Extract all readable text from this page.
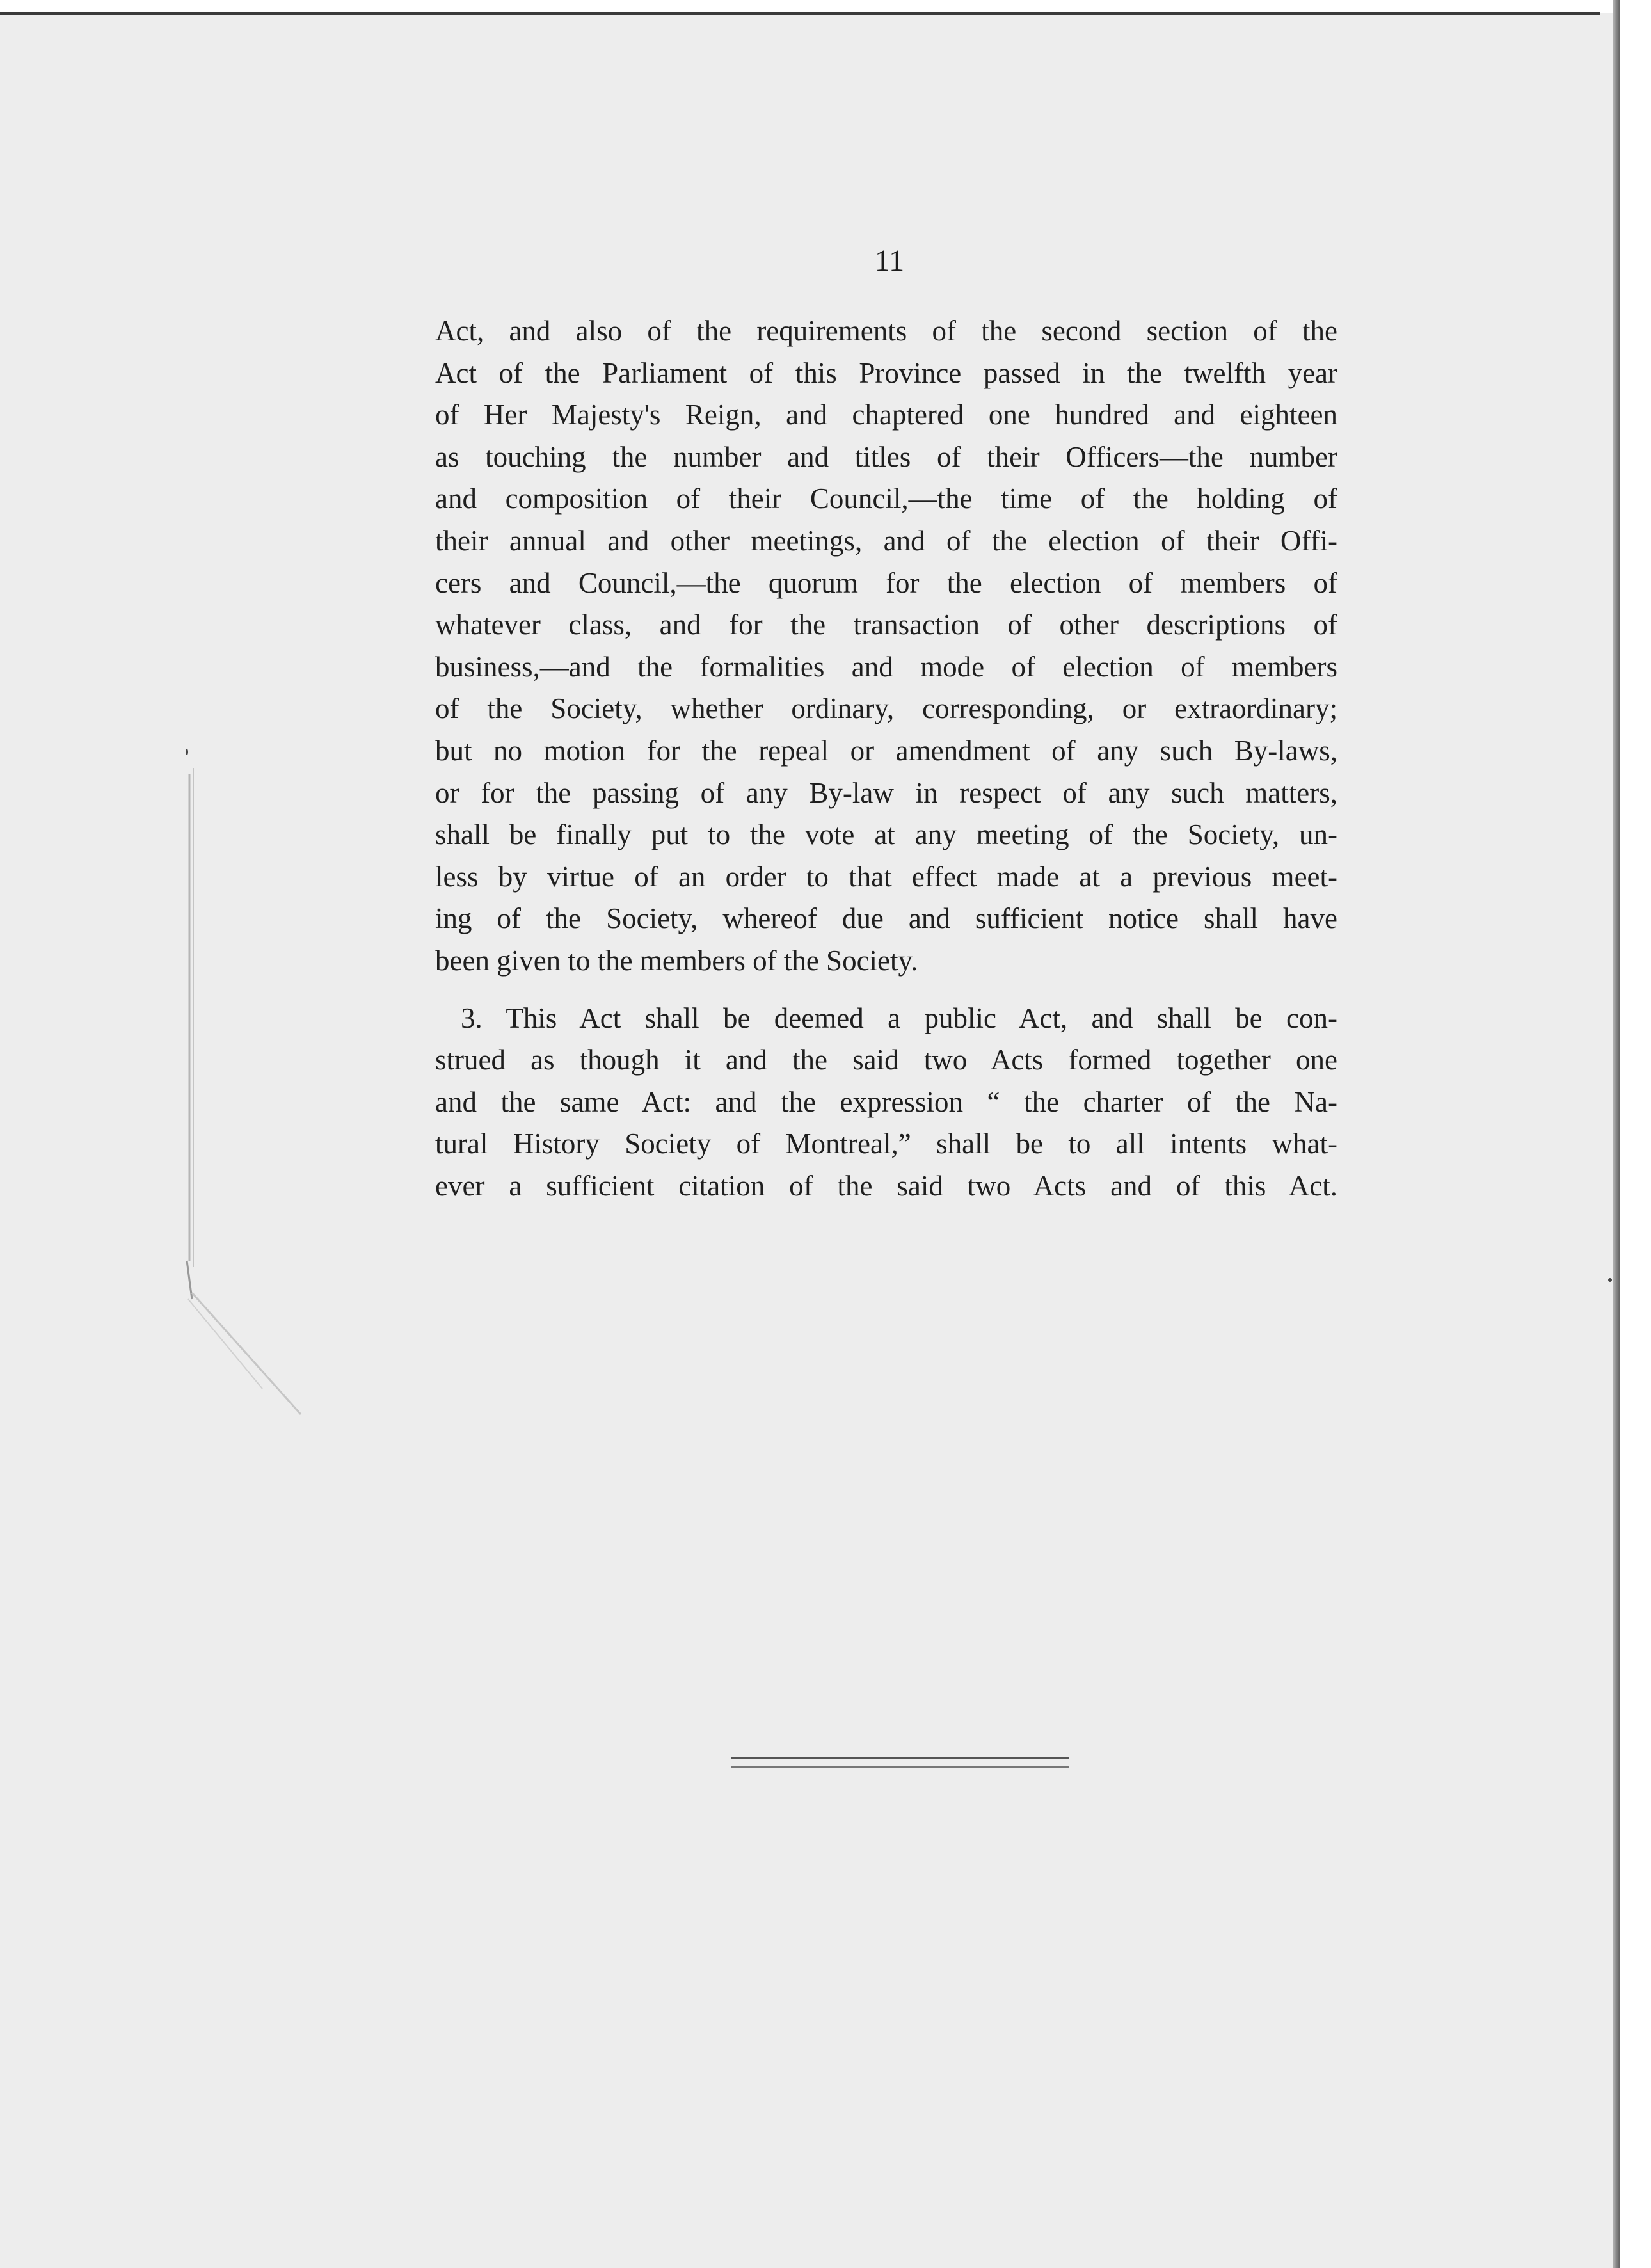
11
Act, and also of the requirements of the second section of the
Act of the Parliament of this Province passed in the twelfth year
of Her Majesty's Reign, and chaptered one hundred and eighteen
as touching the number and titles of their Officers—the number
and composition of their Council,—the time of the holding of
their annual and other meetings, and of the election of their Offi-
cers and Council,—the quorum for the election of members of
whatever class, and for the transaction of other descriptions of
business,—and the formalities and mode of election of members
of the Society, whether ordinary, corresponding, or extraordinary;
but no motion for the repeal or amendment of any such By-laws,
or for the passing of any By-law in respect of any such matters,
shall be finally put to the vote at any meeting of the Society, un-
less by virtue of an order to that effect made at a previous meet-
ing of the Society, whereof due and sufficient notice shall have
been given to the members of the Society.
3. This Act shall be deemed a public Act, and shall be con-
strued as though it and the said two Acts formed together one
and the same Act: and the expression “ the charter of the Na-
tural History Society of Montreal,” shall be to all intents what-
ever a sufficient citation of the said two Acts and of this Act.
